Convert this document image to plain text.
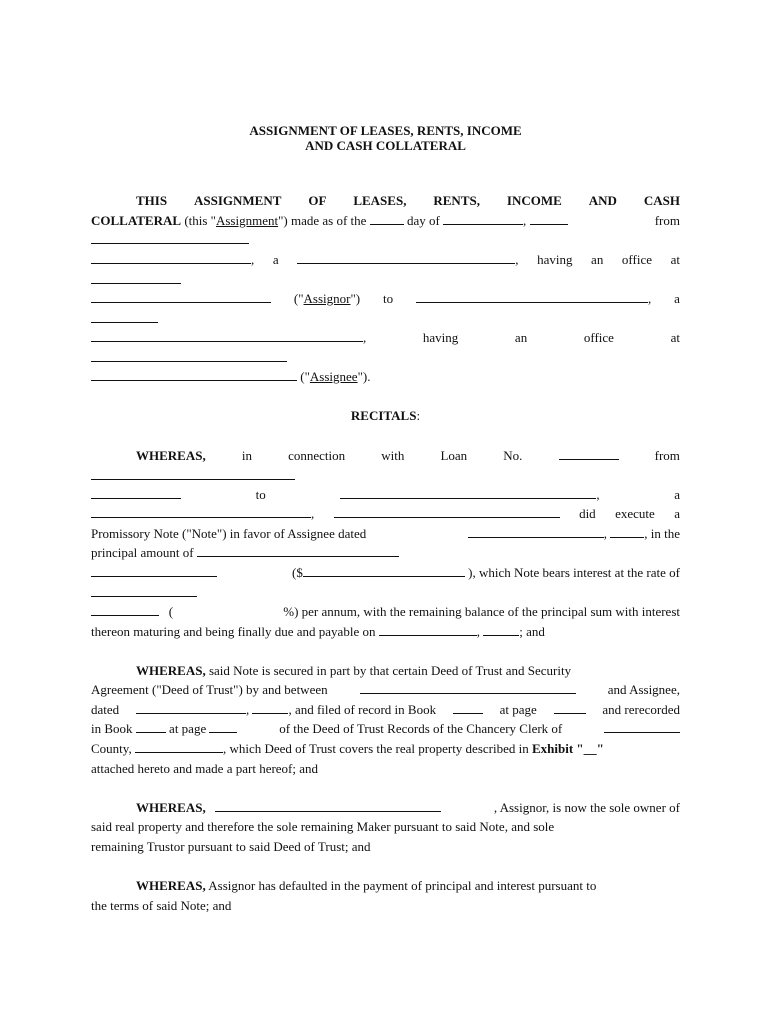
ASSIGNMENT OF LEASES, RENTS, INCOME
AND CASH COLLATERAL
THIS ASSIGNMENT OF LEASES, RENTS, INCOME AND CASH
COLLATERAL (this "Assignment") made as of the	day of	,	from
, a	, having an office at
("Assignor") to	, a
,	having	an	office	at
("Assignee").
RECITALS:
WHEREAS,	in	connection	with	Loan	No.	from
to	,	a
,	did execute a
Promissory Note ("Note") in favor of Assignee dated	,	, in the
principal amount of
($	), which Note bears interest at the rate of
(	%) per annum, with the remaining balance of the principal sum with interest
thereon maturing and being finally due and payable on	,	; and
WHEREAS, said Note is secured in part by that certain Deed of Trust and Security
Agreement ("Deed of Trust") by and between	and Assignee,
dated	,	, and filed of record in Book	at page	and rerecorded
in Book	at page	of the Deed of Trust Records of the Chancery Clerk of
County,	, which Deed of Trust covers the real property described in Exhibit "__"
attached hereto and made a part hereof; and
WHEREAS,	, Assignor, is now the sole owner of
said real property and therefore the sole remaining Maker pursuant to said Note, and sole
remaining Trustor pursuant to said Deed of Trust; and
WHEREAS, Assignor has defaulted in the payment of principal and interest pursuant to
the terms of said Note; and
